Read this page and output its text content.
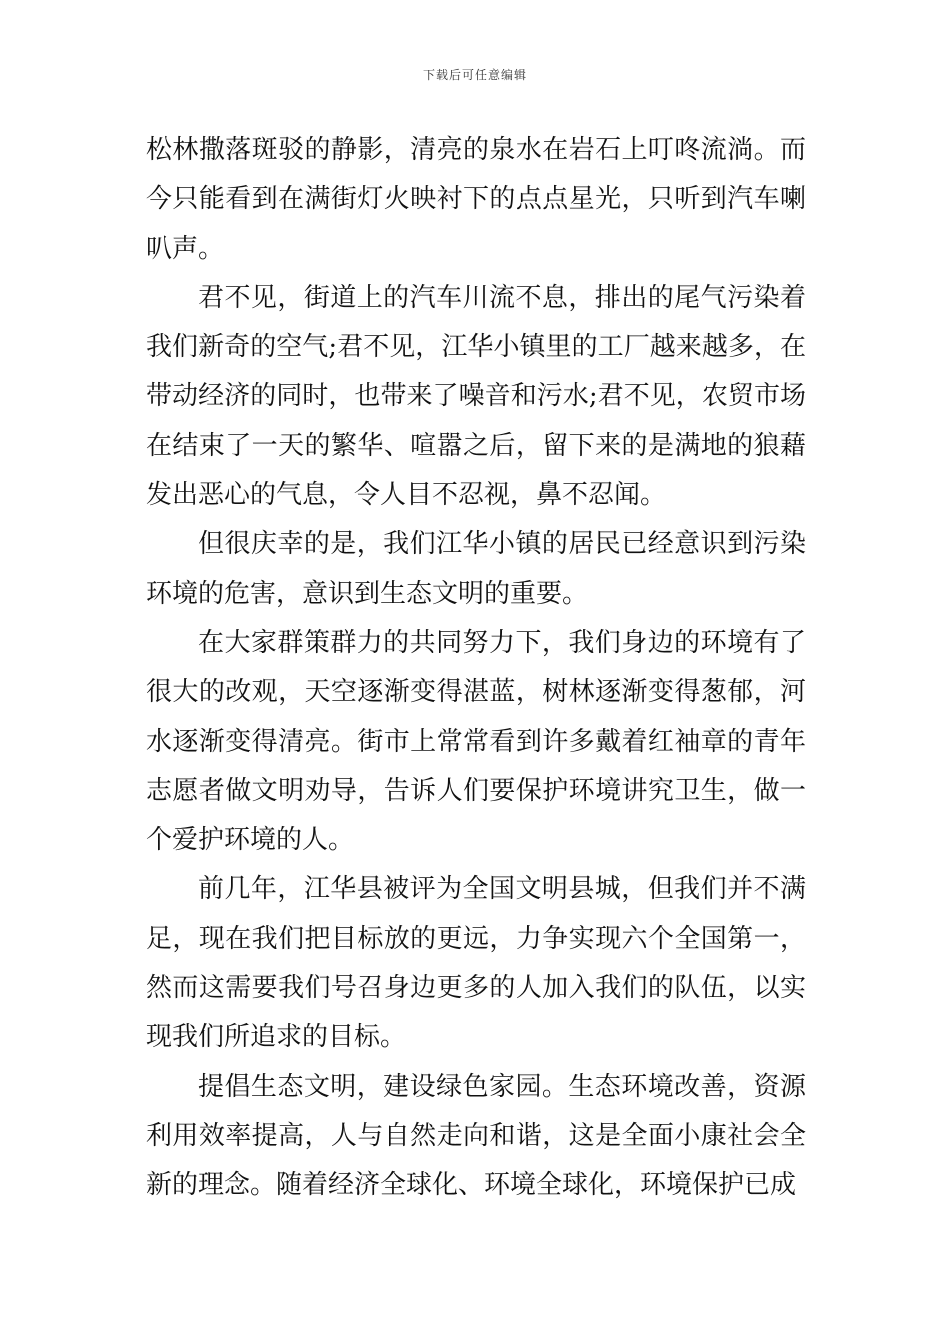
下载后可任意编辑

松林撒落斑驳的静影，清亮的泉水在岩石上叮咚流淌。而今只能看到在满街灯火映衬下的点点星光，只听到汽车喇叭声。

君不见，街道上的汽车川流不息，排出的尾气污染着我们新奇的空气;君不见，江华小镇里的工厂越来越多，在带动经济的同时，也带来了噪音和污水;君不见，农贸市场在结束了一天的繁华、喧嚣之后，留下来的是满地的狼藉发出恶心的气息，令人目不忍视，鼻不忍闻。

但很庆幸的是，我们江华小镇的居民已经意识到污染环境的危害，意识到生态文明的重要。

在大家群策群力的共同努力下，我们身边的环境有了很大的改观，天空逐渐变得湛蓝，树林逐渐变得葱郁，河水逐渐变得清亮。街市上常常看到许多戴着红袖章的青年志愿者做文明劝导，告诉人们要保护环境讲究卫生，做一个爱护环境的人。

前几年，江华县被评为全国文明县城，但我们并不满足，现在我们把目标放的更远，力争实现六个全国第一，然而这需要我们号召身边更多的人加入我们的队伍，以实现我们所追求的目标。

提倡生态文明，建设绿色家园。生态环境改善，资源利用效率提高，人与自然走向和谐，这是全面小康社会全新的理念。随着经济全球化、环境全球化，环境保护已成
